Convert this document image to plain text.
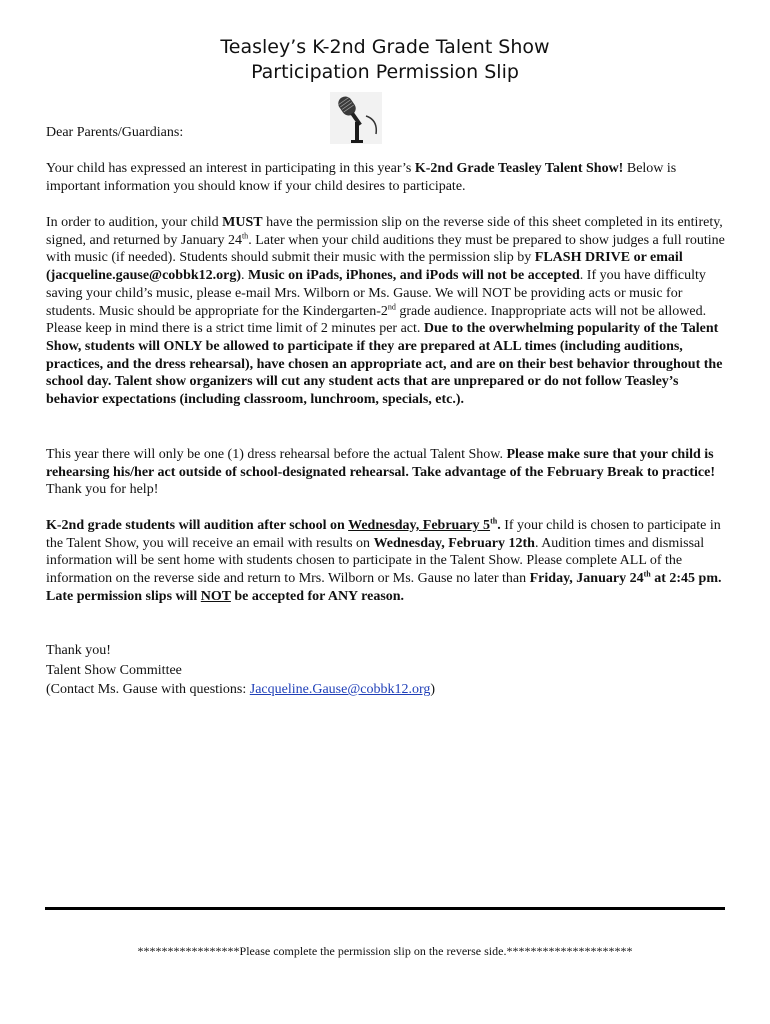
Teasley’s K-2nd Grade Talent Show
Participation Permission Slip
Dear Parents/Guardians:

Your child has expressed an interest in participating in this year’s K-2nd Grade Teasley Talent Show! Below is important information you should know if your child desires to participate.

In order to audition, your child MUST have the permission slip on the reverse side of this sheet completed in its entirety, signed, and returned by January 24th. Later when your child auditions they must be prepared to show judges a full routine with music (if needed). Students should submit their music with the permission slip by FLASH DRIVE or email (jacqueline.gause@cobbk12.org). Music on iPads, iPhones, and iPods will not be accepted. If you have difficulty saving your child’s music, please e-mail Mrs. Wilborn or Ms. Gause. We will NOT be providing acts or music for students. Music should be appropriate for the Kindergarten-2nd grade audience. Inappropriate acts will not be allowed. Please keep in mind there is a strict time limit of 2 minutes per act. Due to the overwhelming popularity of the Talent Show, students will ONLY be allowed to participate if they are prepared at ALL times (including auditions, practices, and the dress rehearsal), have chosen an appropriate act, and are on their best behavior throughout the school day. Talent show organizers will cut any student acts that are unprepared or do not follow Teasley’s behavior expectations (including classroom, lunchroom, specials, etc.).

This year there will only be one (1) dress rehearsal before the actual Talent Show. Please make sure that your child is rehearsing his/her act outside of school-designated rehearsal. Take advantage of the February Break to practice! Thank you for help!

K-2nd grade students will audition after school on Wednesday, February 5th. If your child is chosen to participate in the Talent Show, you will receive an email with results on Wednesday, February 12th. Audition times and dismissal information will be sent home with students chosen to participate in the Talent Show. Please complete ALL of the information on the reverse side and return to Mrs. Wilborn or Ms. Gause no later than Friday, January 24th at 2:45 pm. Late permission slips will NOT be accepted for ANY reason.

Thank you!
Talent Show Committee
(Contact Ms. Gause with questions: Jacqueline.Gause@cobbk12.org)
*****************Please complete the permission slip on the reverse side.*********************
